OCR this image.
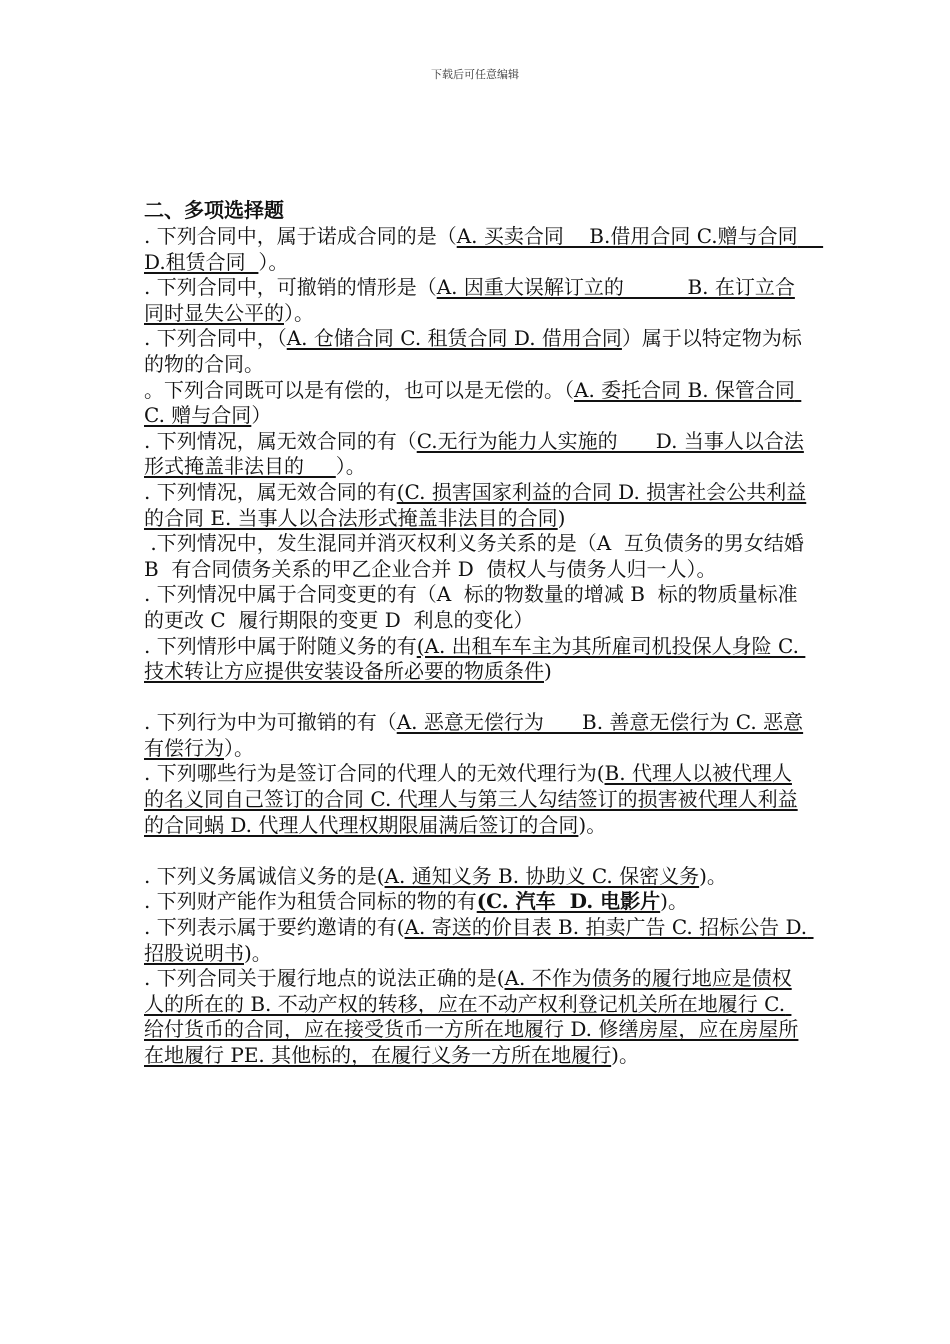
下载后可任意编辑

二、多项选择题

. 下列合同中，属于诺成合同的是（A. 买卖合同    B.借用合同 C.赠与合同    D.租赁合同  ）。

. 下列合同中，可撤销的情形是（A. 因重大误解订立的          B. 在订立合同时显失公平的）。

. 下列合同中，（A. 仓储合同 C. 租赁合同 D. 借用合同）属于以特定物为标的物的合同。

。下列合同既可以是有偿的，也可以是无偿的。（A. 委托合同 B. 保管合同 C. 赠与合同）

. 下列情况，属无效合同的有（C.无行为能力人实施的      D. 当事人以合法形式掩盖非法目的     ）。

. 下列情况，属无效合同的有(C. 损害国家利益的合同 D. 损害社会公共利益的合同 E. 当事人以合法形式掩盖非法目的合同)

.下列情况中，发生混同并消灭权利义务关系的是（A  互负债务的男女结婚  B  有合同债务关系的甲乙企业合并 D  债权人与债务人归一人）。

. 下列情况中属于合同变更的有（A  标的物数量的增减 B  标的物质量标准的更改 C  履行期限的变更 D  利息的变化）

. 下列情形中属于附随义务的有(A. 出租车车主为其所雇司机投保人身险 C. 技术转让方应提供安装设备所必要的物质条件)

. 下列行为中为可撤销的有（A. 恶意无偿行为      B. 善意无偿行为 C. 恶意有偿行为）。

. 下列哪些行为是签订合同的代理人的无效代理行为(B. 代理人以被代理人的名义同自己签订的合同 C. 代理人与第三人勾结签订的损害被代理人利益的合同蜗 D. 代理人代理权期限届满后签订的合同)。

. 下列义务属诚信义务的是(A. 通知义务 B. 协助义 C. 保密义务)。

. 下列财产能作为租赁合同标的物的有(C. 汽车  D. 电影片)。

. 下列表示属于要约邀请的有(A. 寄送的价目表 B. 拍卖广告 C. 招标公告 D. 招股说明书)。

. 下列合同关于履行地点的说法正确的是(A. 不作为债务的履行地应是债权人的所在的 B. 不动产权的转移，应在不动产权利登记机关所在地履行 C. 给付货币的合同，应在接受货币一方所在地履行 D. 修缮房屋，应在房屋所在地履行 PE. 其他标的，在履行义务一方所在地履行)。
